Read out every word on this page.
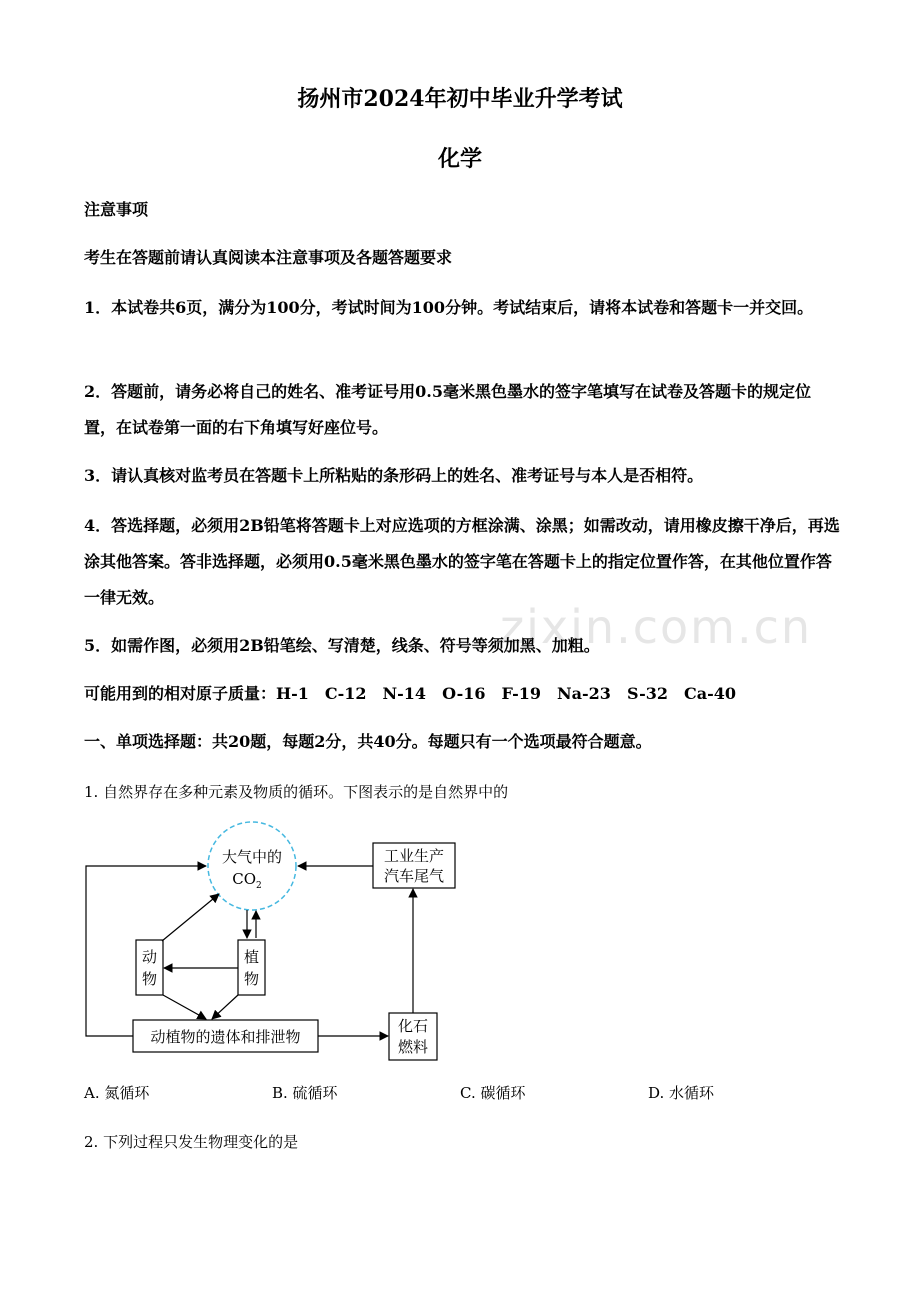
zixin.com.cn
扬州市2024年初中毕业升学考试
化学
注意事项
考生在答题前请认真阅读本注意事项及各题答题要求
1．本试卷共6页，满分为100分，考试时间为100分钟。考试结束后，请将本试卷和答题卡一并交回。
2．答题前，请务必将自己的姓名、准考证号用0.5毫米黑色墨水的签字笔填写在试卷及答题卡的规定位置，在试卷第一面的右下角填写好座位号。
3．请认真核对监考员在答题卡上所粘贴的条形码上的姓名、准考证号与本人是否相符。
4．答选择题，必须用2B铅笔将答题卡上对应选项的方框涂满、涂黑；如需改动，请用橡皮擦干净后，再选涂其他答案。答非选择题，必须用0.5毫米黑色墨水的签字笔在答题卡上的指定位置作答，在其他位置作答一律无效。
5．如需作图，必须用2B铅笔绘、写清楚，线条、符号等须加黑、加粗。
可能用到的相对原子质量：H-1　C-12　N-14　O-16　F-19　Na-23　S-32　Ca-40
一、单项选择题：共20题，每题2分，共40分。每题只有一个选项最符合题意。
1. 自然界存在多种元素及物质的循环。下图表示的是自然界中的
大气中的
$CO_2$
工业生产
汽车尾气
动
物
植
物
动植物的遗体和排泄物
化石
燃料
A. 氮循环	B. 硫循环	C. 碳循环	D. 水循环
2. 下列过程只发生物理变化的是
